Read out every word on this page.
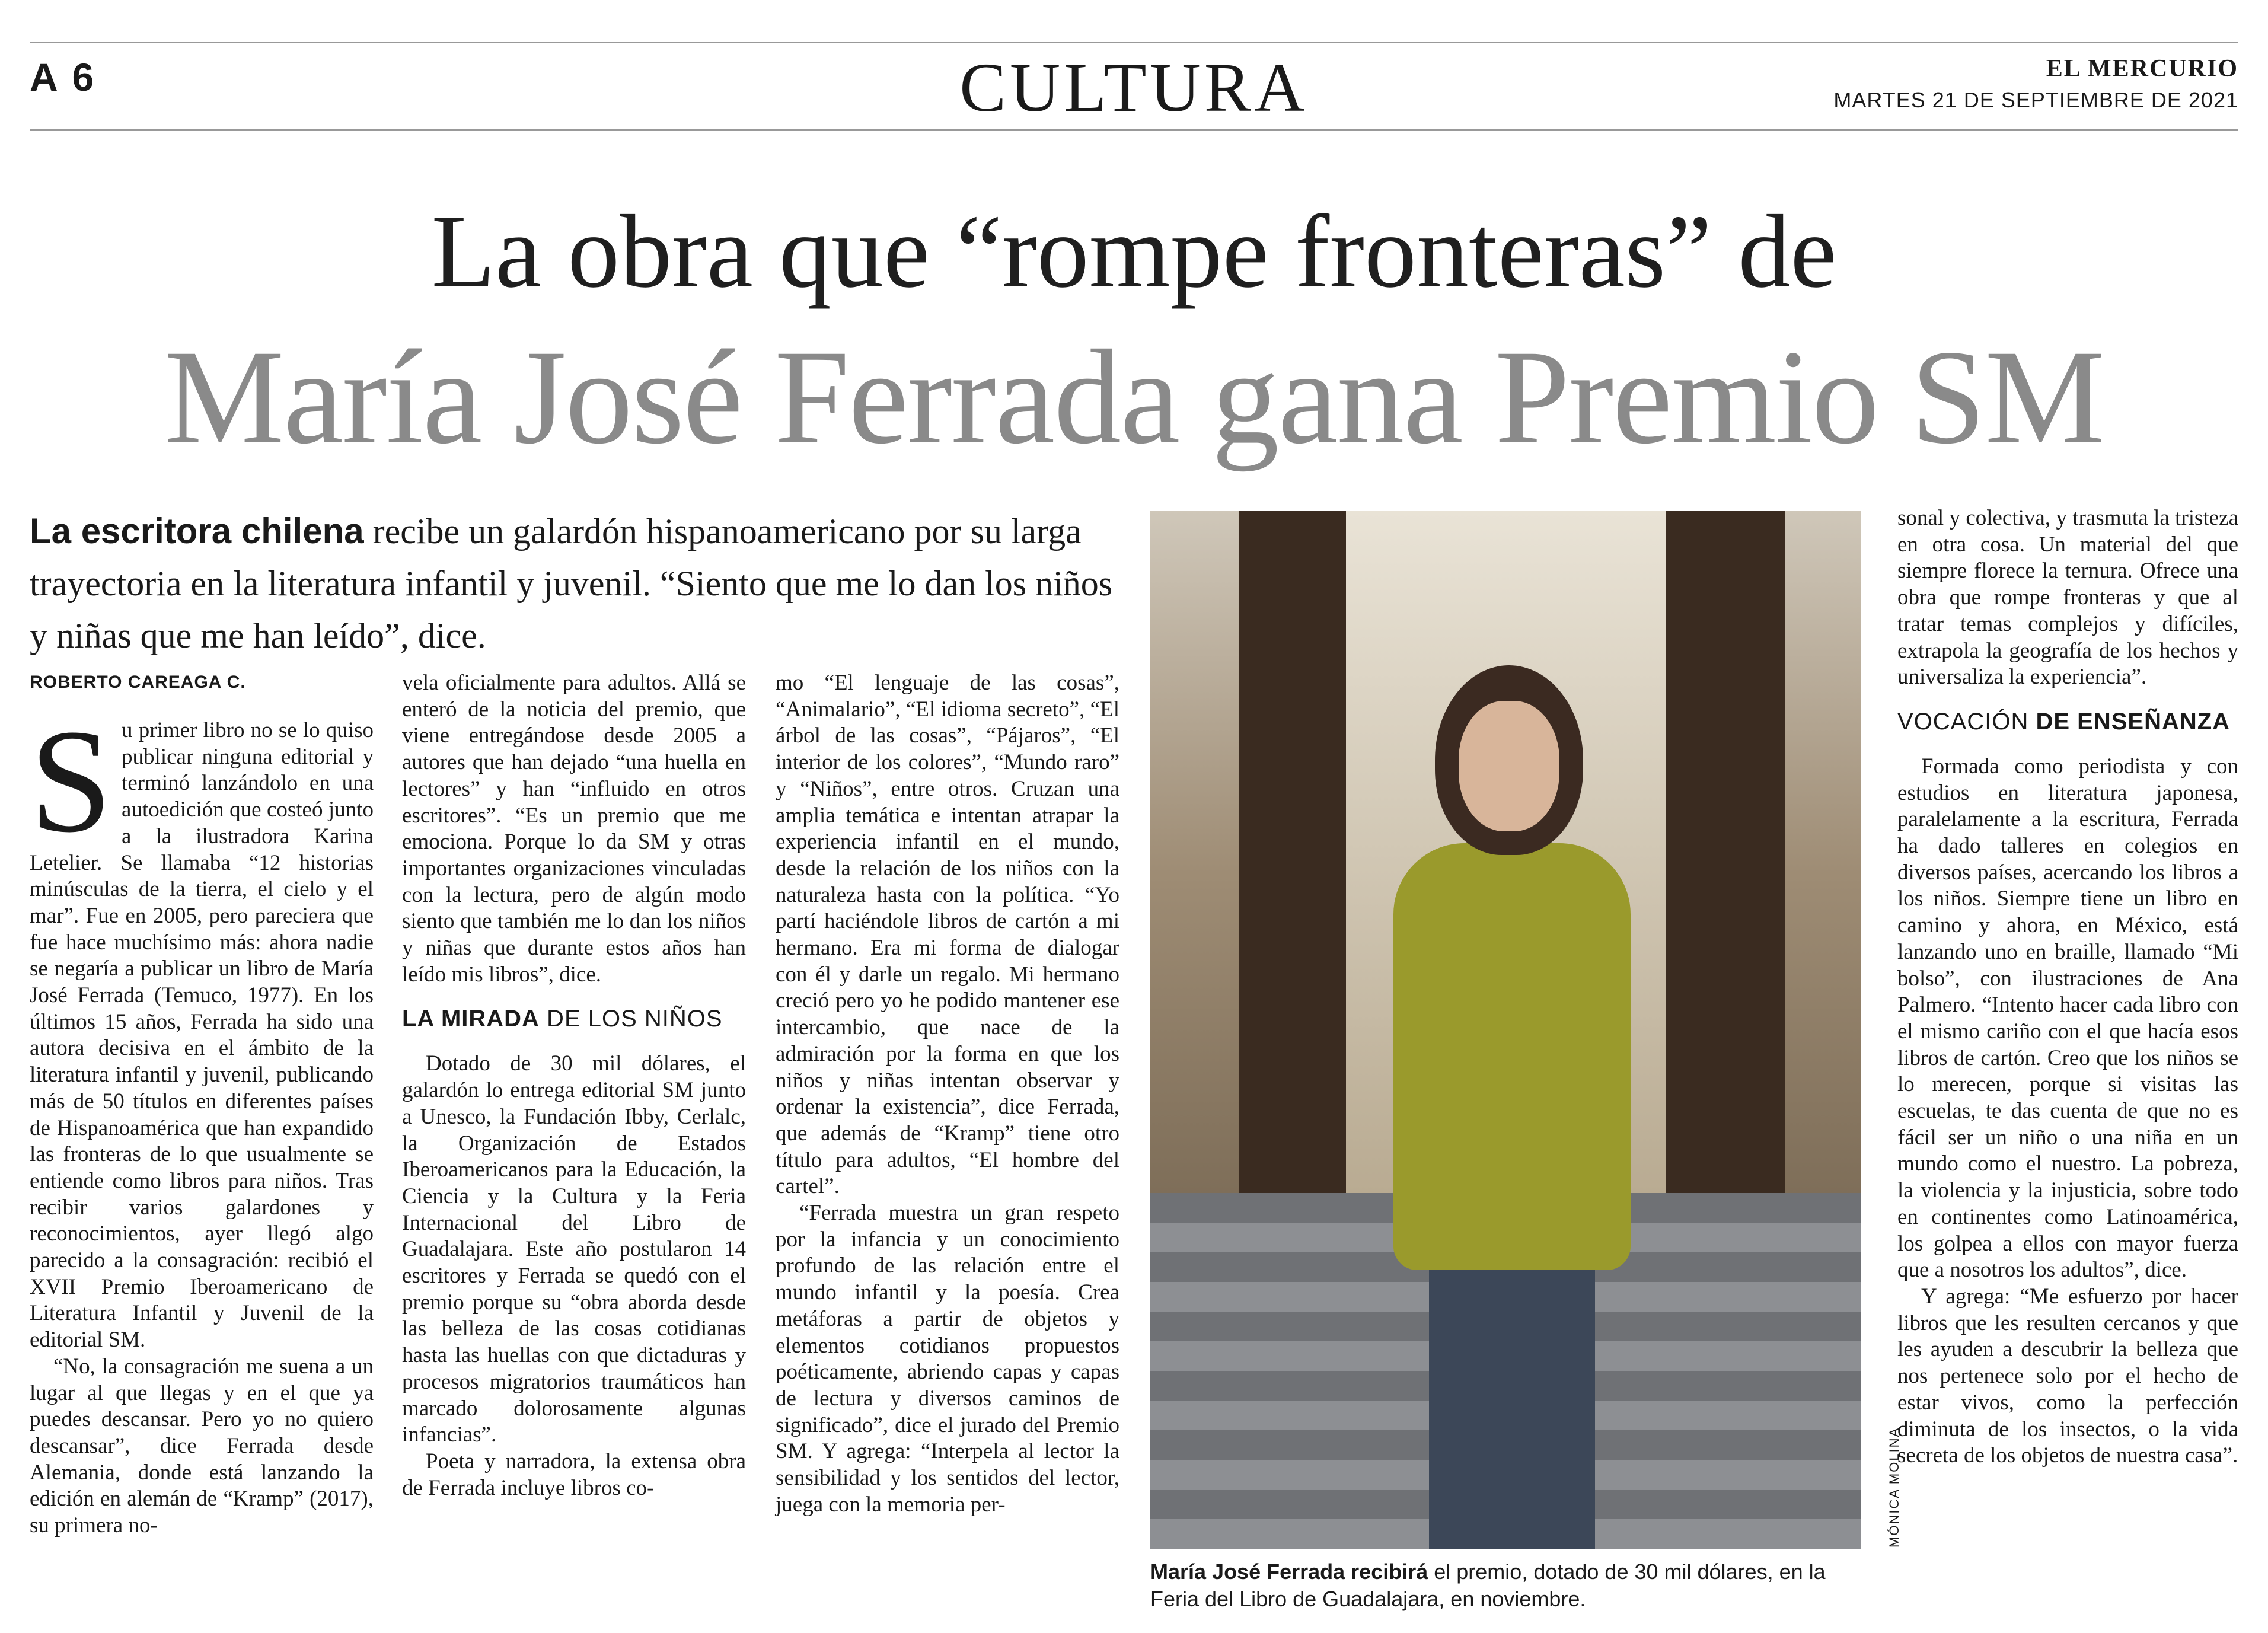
A 6	CULTURA	EL MERCURIO
MARTES 21 DE SEPTIEMBRE DE 2021
La obra que “rompe fronteras” de
María José Ferrada gana Premio SM
La escritora chilena recibe un galardón hispanoamericano por su larga trayectoria en la literatura infantil y juvenil. “Siento que me lo dan los niños y niñas que me han leído”, dice.
ROBERTO CAREAGA C.

Su primer libro no se lo quiso publicar ninguna editorial y terminó lanzándolo en una autoedición que costeó junto a la ilustradora Karina Letelier. Se llamaba “12 historias minúsculas de la tierra, el cielo y el mar”. Fue en 2005, pero pareciera que fue hace muchísimo más: ahora nadie se negaría a publicar un libro de María José Ferrada (Temuco, 1977). En los últimos 15 años, Ferrada ha sido una autora decisiva en el ámbito de la literatura infantil y juvenil, publicando más de 50 títulos en diferentes países de Hispanoamérica que han expandido las fronteras de lo que usualmente se entiende como libros para niños. Tras recibir varios galardones y reconocimientos, ayer llegó algo parecido a la consagración: recibió el XVII Premio Iberoamericano de Literatura Infantil y Juvenil de la editorial SM.

“No, la consagración me suena a un lugar al que llegas y en el que ya puedes descansar. Pero yo no quiero descansar”, dice Ferrada desde Alemania, donde está lanzando la edición en alemán de “Kramp” (2017), su primera no-

vela oficialmente para adultos. Allá se enteró de la noticia del premio, que viene entregándose desde 2005 a autores que han dejado “una huella en lectores” y han “influido en otros escritores”. “Es un premio que me emociona. Porque lo da SM y otras importantes organizaciones vinculadas con la lectura, pero de algún modo siento que también me lo dan los niños y niñas que durante estos años han leído mis libros”, dice.

LA MIRADA DE LOS NIÑOS

Dotado de 30 mil dólares, el galardón lo entrega editorial SM junto a Unesco, la Fundación Ibby, Cerlalc, la Organización de Estados Iberoamericanos para la Educación, la Ciencia y la Cultura y la Feria Internacional del Libro de Guadalajara. Este año postularon 14 escritores y Ferrada se quedó con el premio porque su “obra aborda desde las belleza de las cosas cotidianas hasta las huellas con que dictaduras y procesos migratorios traumáticos han marcado dolorosamente algunas infancias”.

Poeta y narradora, la extensa obra de Ferrada incluye libros co-

mo “El lenguaje de las cosas”, “Animalario”, “El idioma secreto”, “El árbol de las cosas”, “Pájaros”, “El interior de los colores”, “Mundo raro” y “Niños”, entre otros. Cruzan una amplia temática e intentan atrapar la experiencia infantil en el mundo, desde la relación de los niños con la naturaleza hasta con la política. “Yo partí haciéndole libros de cartón a mi hermano. Era mi forma de dialogar con él y darle un regalo. Mi hermano creció pero yo he podido mantener ese intercambio, que nace de la admiración por la forma en que los niños y niñas intentan observar y ordenar la existencia”, dice Ferrada, que además de “Kramp” tiene otro título para adultos, “El hombre del cartel”.

“Ferrada muestra un gran respeto por la infancia y un conocimiento profundo de las relación entre el mundo infantil y la poesía. Crea metáforas a partir de objetos y elementos cotidianos propuestos poéticamente, abriendo capas y capas de lectura y diversos caminos de significado”, dice el jurado del Premio SM. Y agrega: “Interpela al lector la sensibilidad y los sentidos del lector, juega con la memoria per-	MÓNICA MOLINA
María José Ferrada recibirá el premio, dotado de 30 mil dólares, en la Feria del Libro de Guadalajara, en noviembre.

sonal y colectiva, y trasmuta la tristeza en otra cosa. Un material del que siempre florece la ternura. Ofrece una obra que rompe fronteras y que al tratar temas complejos y difíciles, extrapola la geografía de los hechos y universaliza la experiencia”.

VOCACIÓN DE ENSEÑANZA

Formada como periodista y con estudios en literatura japonesa, paralelamente a la escritura, Ferrada ha dado talleres en colegios en diversos países, acercando los libros a los niños. Siempre tiene un libro en camino y ahora, en México, está lanzando uno en braille, llamado “Mi bolso”, con ilustraciones de Ana Palmero. “Intento hacer cada libro con el mismo cariño con el que hacía esos libros de cartón. Creo que los niños se lo merecen, porque si visitas las escuelas, te das cuenta de que no es fácil ser un niño o una niña en un mundo como el nuestro. La pobreza, la violencia y la injusticia, sobre todo en continentes como Latinoamérica, los golpea a ellos con mayor fuerza que a nosotros los adultos”, dice.

Y agrega: “Me esfuerzo por hacer libros que les resulten cercanos y que les ayuden a descubrir la belleza que nos pertenece solo por el hecho de estar vivos, como la perfección diminuta de los insectos, o la vida secreta de los objetos de nuestra casa”.
